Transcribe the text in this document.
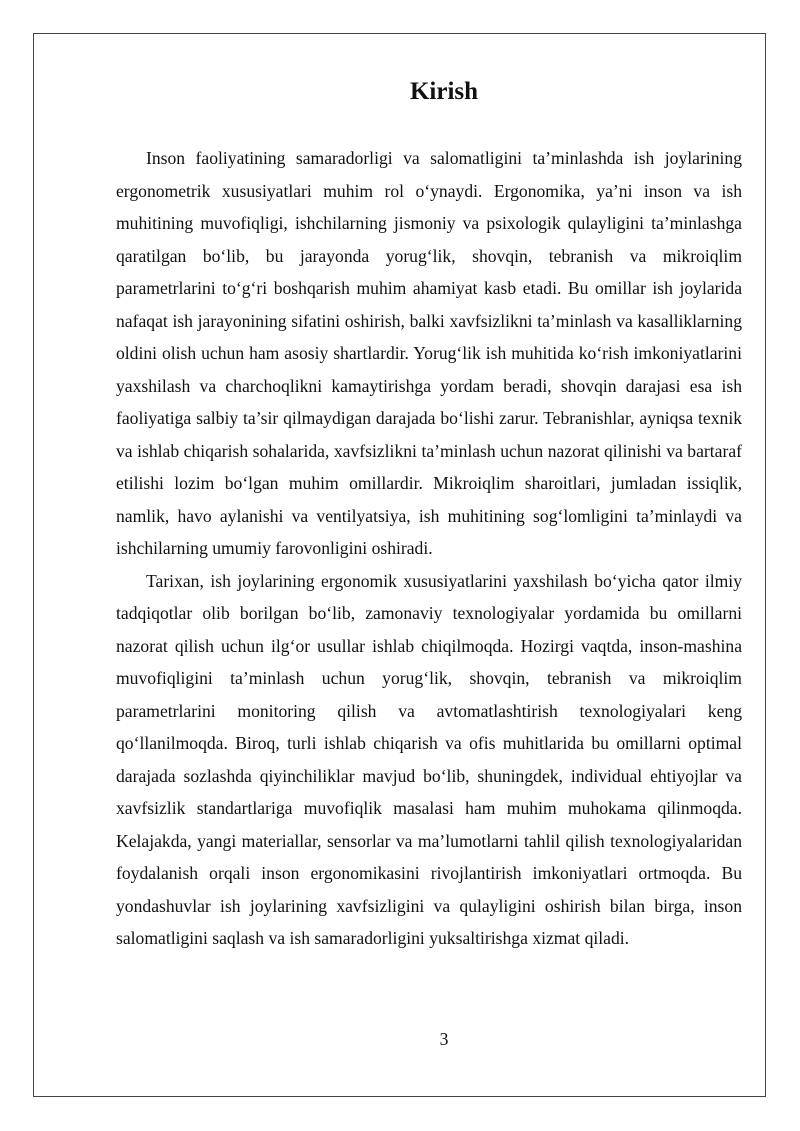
Kirish

Inson faoliyatining samaradorligi va salomatligini ta’minlashda ish joylarining ergonometrik xususiyatlari muhim rol o‘ynaydi. Ergonomika, ya’ni inson va ish muhitining muvofiqligi, ishchilarning jismoniy va psixologik qulayligini ta’minlashga qaratilgan bo‘lib, bu jarayonda yorug‘lik, shovqin, tebranish va mikroiqlim parametrlarini to‘g‘ri boshqarish muhim ahamiyat kasb etadi. Bu omillar ish joylarida nafaqat ish jarayonining sifatini oshirish, balki xavfsizlikni ta’minlash va kasalliklarning oldini olish uchun ham asosiy shartlardir. Yorug‘lik ish muhitida ko‘rish imkoniyatlarini yaxshilash va charchoqlikni kamaytirishga yordam beradi, shovqin darajasi esa ish faoliyatiga salbiy ta’sir qilmaydigan darajada bo‘lishi zarur. Tebranishlar, ayniqsa texnik va ishlab chiqarish sohalarida, xavfsizlikni ta’minlash uchun nazorat qilinishi va bartaraf etilishi lozim bo‘lgan muhim omillardir. Mikroiqlim sharoitlari, jumladan issiqlik, namlik, havo aylanishi va ventilyatsiya, ish muhitining sog‘lomligini ta’minlaydi va ishchilarning umumiy farovonligini oshiradi.

Tarixan, ish joylarining ergonomik xususiyatlarini yaxshilash bo‘yicha qator ilmiy tadqiqotlar olib borilgan bo‘lib, zamonaviy texnologiyalar yordamida bu omillarni nazorat qilish uchun ilg‘or usullar ishlab chiqilmoqda. Hozirgi vaqtda, inson-mashina muvofiqligini ta’minlash uchun yorug‘lik, shovqin, tebranish va mikroiqlim parametrlarini monitoring qilish va avtomatlashtirish texnologiyalari keng qo‘llanilmoqda. Biroq, turli ishlab chiqarish va ofis muhitlarida bu omillarni optimal darajada sozlashda qiyinchiliklar mavjud bo‘lib, shuningdek, individual ehtiyojlar va xavfsizlik standartlariga muvofiqlik masalasi ham muhim muhokama qilinmoqda. Kelajakda, yangi materiallar, sensorlar va ma’lumotlarni tahlil qilish texnologiyalaridan foydalanish orqali inson ergonomikasini rivojlantirish imkoniyatlari ortmoqda. Bu yondashuvlar ish joylarining xavfsizligini va qulayligini oshirish bilan birga, inson salomatligini saqlash va ish samaradorligini yuksaltirishga xizmat qiladi.

3
